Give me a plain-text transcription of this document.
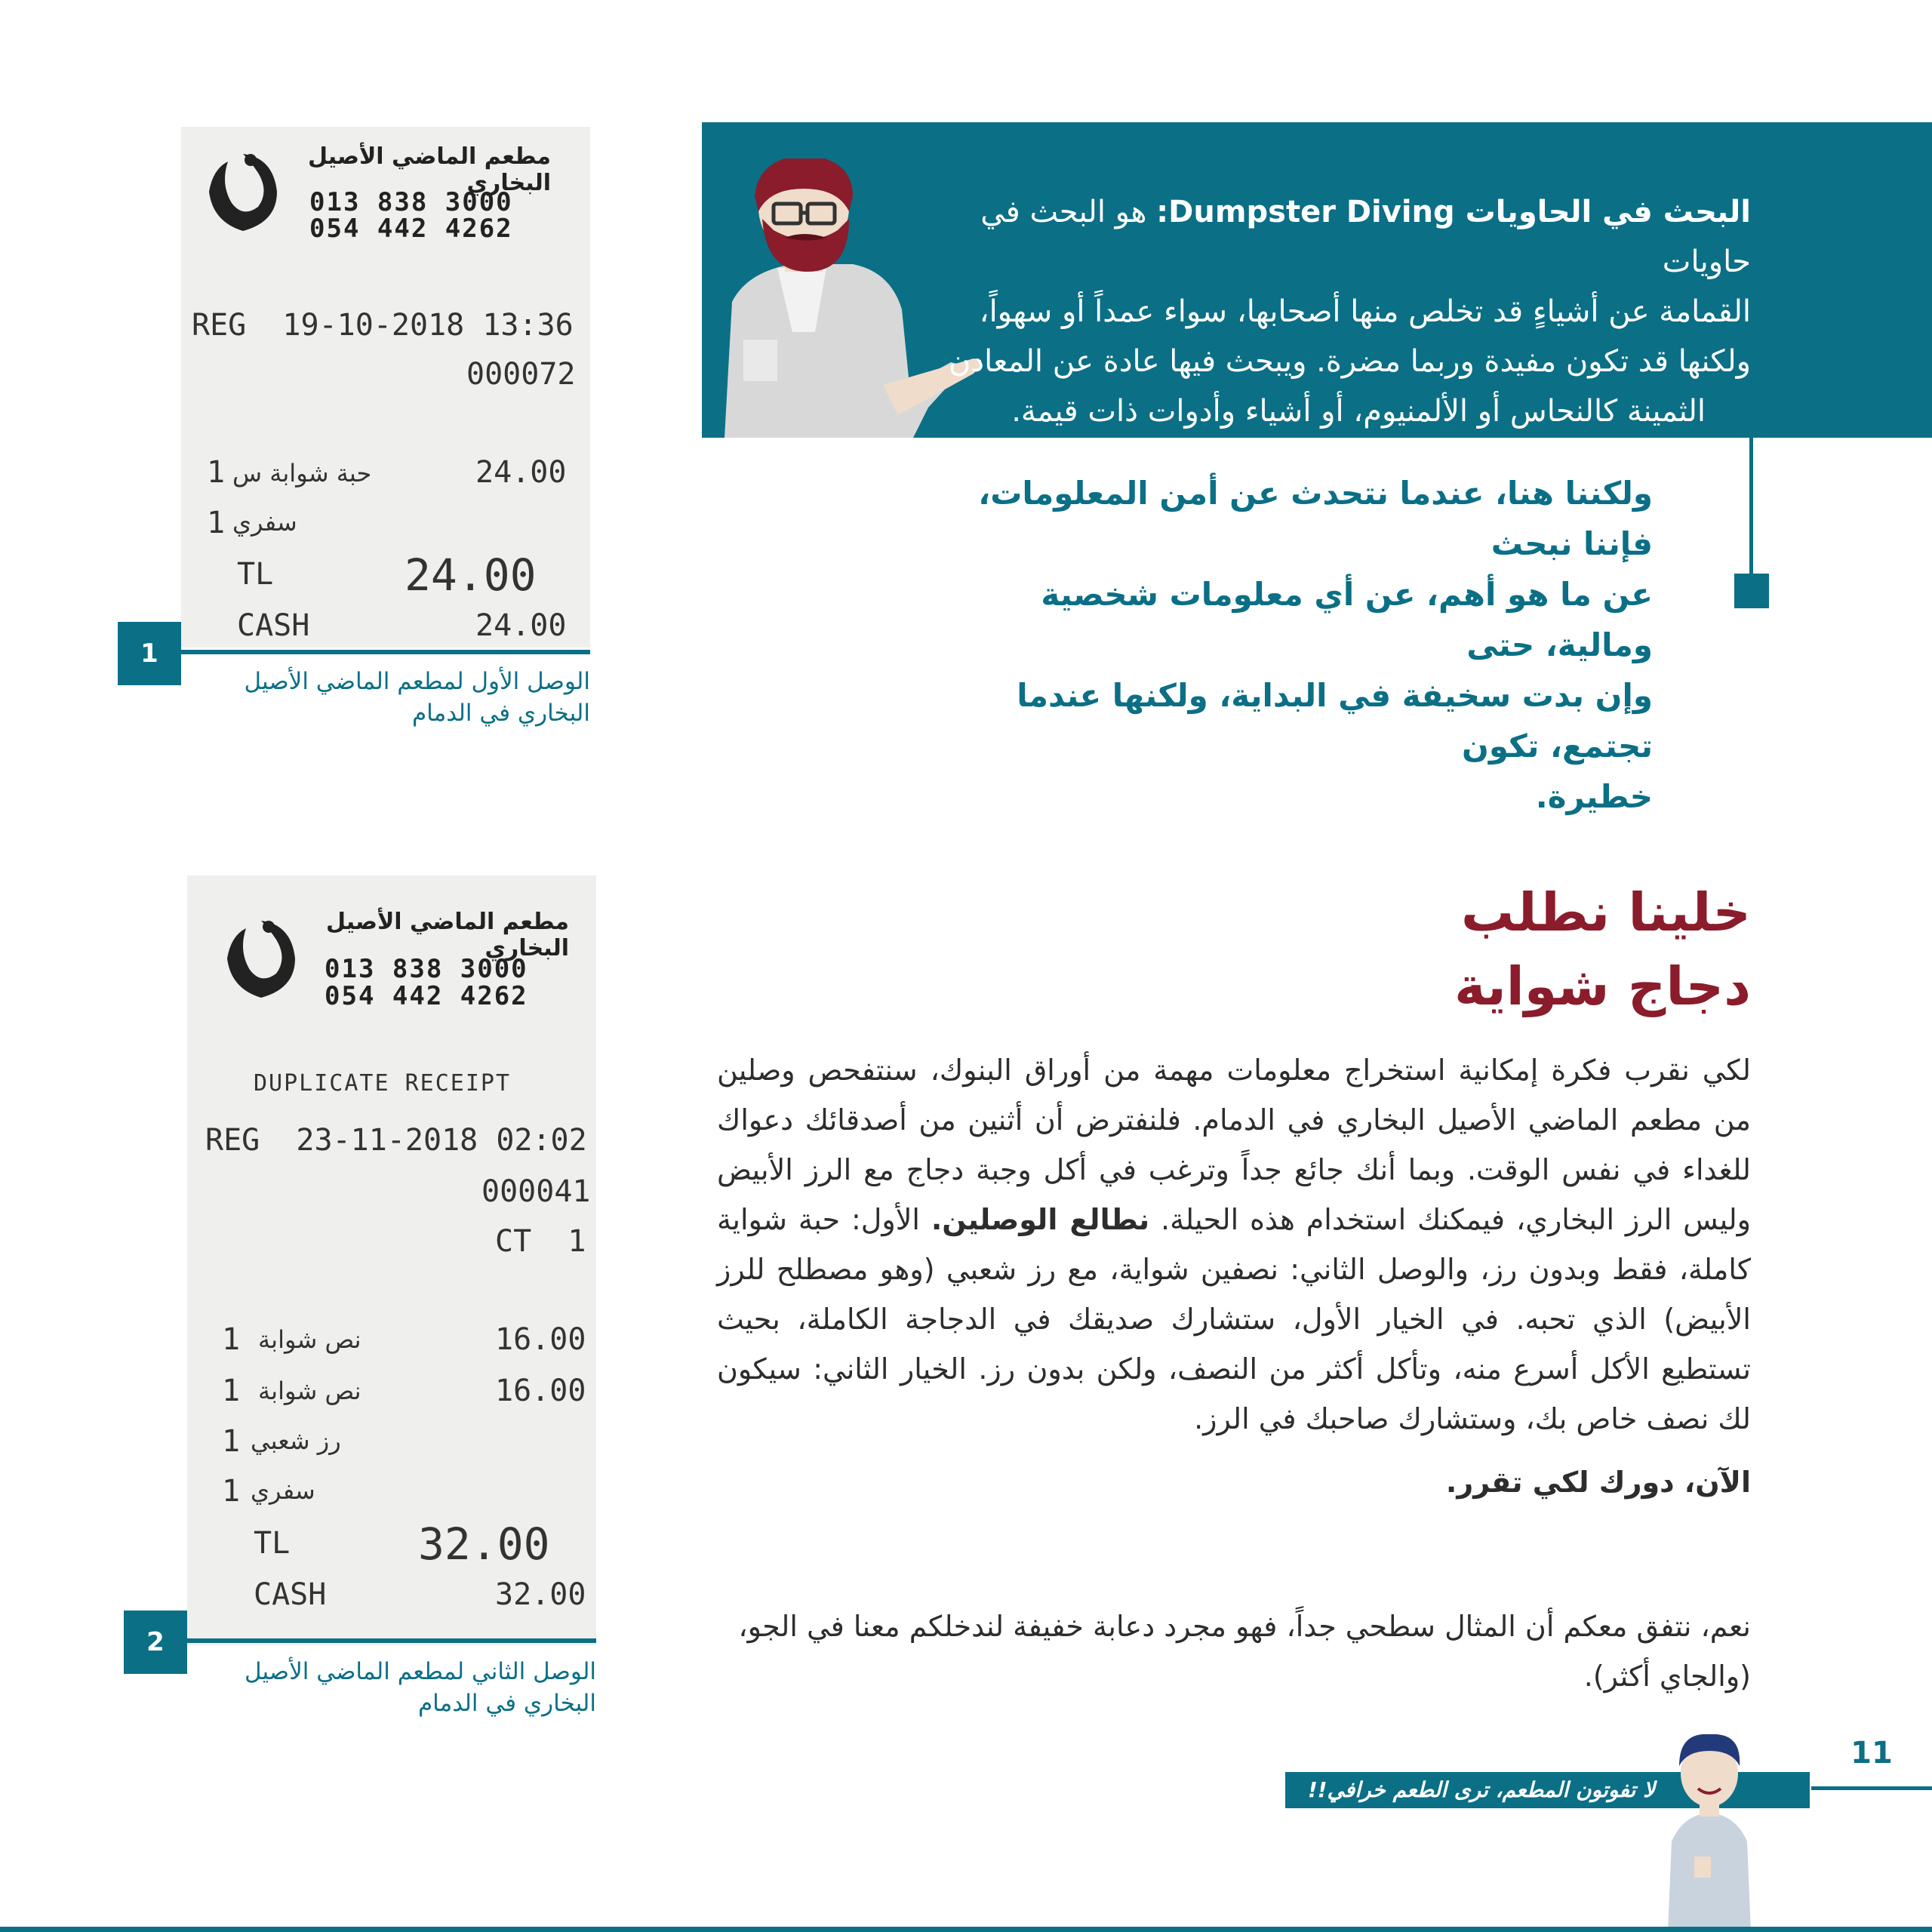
البحث في الحاويات Dumpster Diving: هو البحث في حاويات
القمامة عن أشياءٍ قد تخلص منها أصحابها، سواء عمداً أو سهواً،
ولكنها قد تكون مفيدة وربما مضرة. ويبحث فيها عادة عن المعادن
الثمينة كالنحاس أو الألمنيوم، أو أشياء وأدوات ذات قيمة.
ولكننا هنا، عندما نتحدث عن أمن المعلومات، فإننا نبحث
عن ما هو أهم، عن أي معلومات شخصية ومالية، حتى
وإن بدت سخيفة في البداية، ولكنها عندما تجتمع، تكون
خطيرة.
مطعم الماضي الأصيل البخاري
013 838 3000
054 442 4262
REG  19-10-2018 13:36
000072
1 حبة شوابة س	24.00
1 سفري
TL	24.00
CASH	24.00
1
الوصل الأول لمطعم الماضي الأصيل
البخاري في الدمام
مطعم الماضي الأصيل البخاري
013 838 3000
054 442 4262
DUPLICATE RECEIPT
REG  23-11-2018 02:02
000041
CT  1
1 نص شوابة	16.00
1 نص شوابة	16.00
1 رز شعبي
1 سفري
TL	32.00
CASH	32.00
2
الوصل الثاني لمطعم الماضي الأصيل
البخاري في الدمام
خلينا نطلب
دجاج شواية
لكي نقرب فكرة إمكانية استخراج معلومات مهمة من أوراق البنوك، سنتفحص وصلين من مطعم الماضي الأصيل البخاري في الدمام. فلنفترض أن أثنين من أصدقائك دعواك للغداء في نفس الوقت. وبما أنك جائع جداً وترغب في أكل وجبة دجاج مع الرز الأبيض وليس الرز البخاري، فيمكنك استخدام هذه الحيلة. نطالع الوصلين. الأول: حبة شواية كاملة، فقط وبدون رز، والوصل الثاني: نصفين شواية، مع رز شعبي (وهو مصطلح للرز الأبيض) الذي تحبه. في الخيار الأول، ستشارك صديقك في الدجاجة الكاملة، بحيث تستطيع الأكل أسرع منه، وتأكل أكثر من النصف، ولكن بدون رز. الخيار الثاني: سيكون لك نصف خاص بك، وستشارك صاحبك في الرز.
الآن، دورك لكي تقرر.
نعم، نتفق معكم أن المثال سطحي جداً، فهو مجرد دعابة خفيفة لندخلكم معنا في الجو، (والجاي أكثر).
لا تفوتون المطعم، ترى الطعم خرافي!!
11
